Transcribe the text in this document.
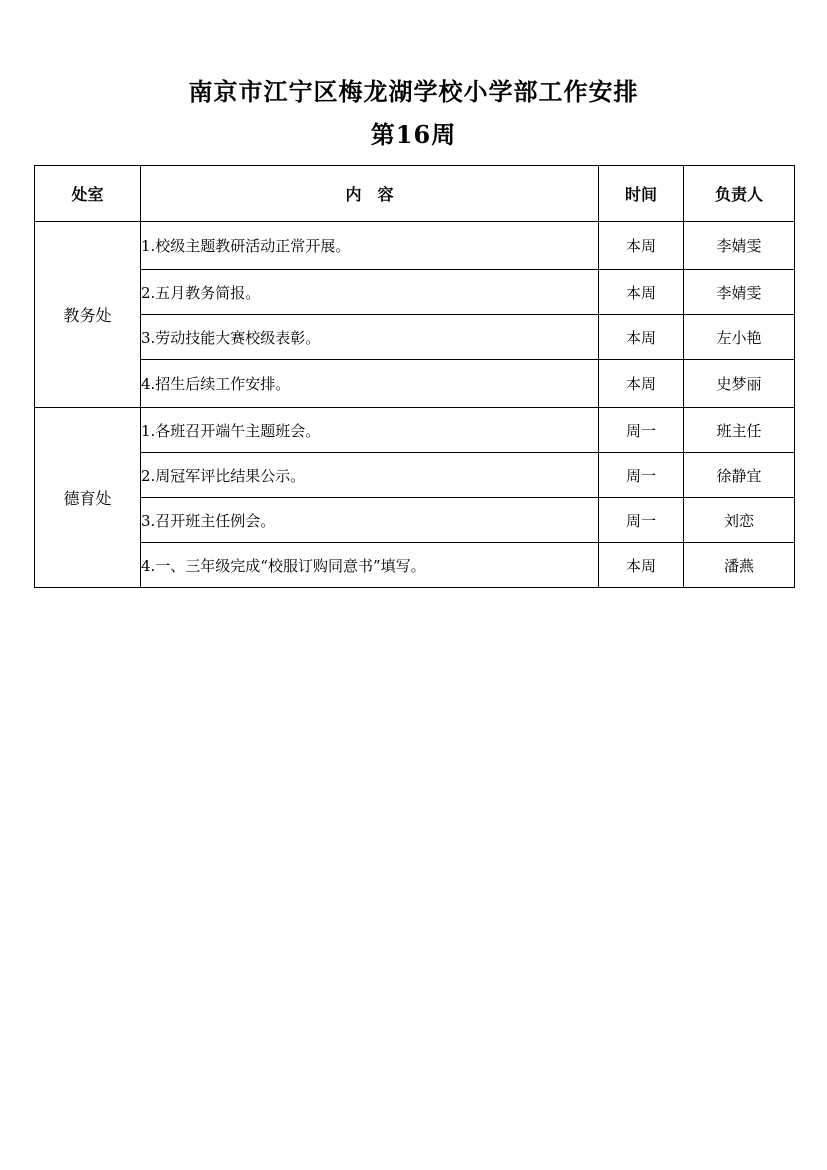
南京市江宁区梅龙湖学校小学部工作安排
第16周
处室	内　容	时间	负责人
教务处	1.校级主题教研活动正常开展。	本周	李婧雯
	2.五月教务简报。	本周	李婧雯
	3.劳动技能大赛校级表彰。	本周	左小艳
	4.招生后续工作安排。	本周	史梦丽
德育处	1.各班召开端午主题班会。	周一	班主任
	2.周冠军评比结果公示。	周一	徐静宜
	3.召开班主任例会。	周一	刘恋
	4.一、三年级完成“校服订购同意书”填写。	本周	潘燕
